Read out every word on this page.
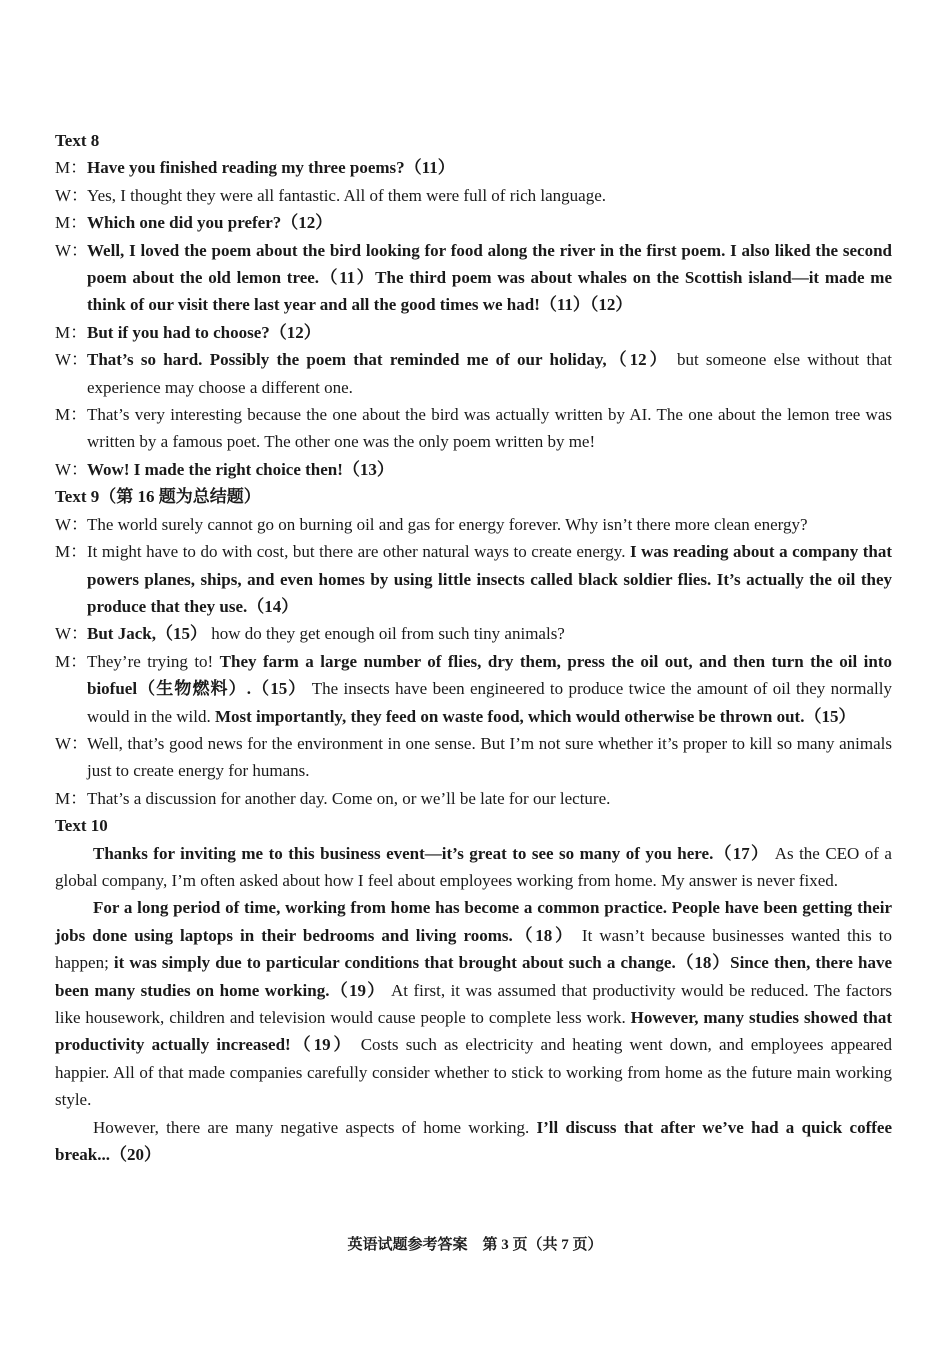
Text 8
M： Have you finished reading my three poems?（11）
W：
Yes, I thought they were all fantastic. All of them were full of rich language.
M： Which one did you prefer?（12）
W：
Well, I loved the poem about the bird looking for food along the river in the first poem. I also liked the second poem about the old lemon tree.（11）The third poem was about whales on the Scottish island—it made me think of our visit there last year and all the good times we had!（11）（12）
M： But if you had to choose?（12）
W：
That’s so hard. Possibly the poem that reminded me of our holiday,（12） but someone else without that experience may choose a different one.
M： That’s very interesting because the one about the bird was actually written by AI. The one about the lemon tree was written by a famous poet. The other one was the only poem written by me!
W：
Wow! I made the right choice then!（13）
Text 9（第 16 题为总结题）
W：
The world surely cannot go on burning oil and gas for energy forever. Why isn’t there more clean energy?
M： It might have to do with cost, but there are other natural ways to create energy. I was reading about a company that powers planes, ships, and even homes by using little insects called black soldier flies. It’s actually the oil they produce that they use.（14）
W：
But Jack,（15） how do they get enough oil from such tiny animals?
M： They’re trying to! They farm a large number of flies, dry them, press the oil out, and then turn the oil into biofuel（生物燃料）.（15） The insects have been engineered to produce twice the amount of oil they normally would in the wild. Most importantly, they feed on waste food, which would otherwise be thrown out.（15）
W：
Well, that’s good news for the environment in one sense. But I’m not sure whether it’s proper to kill so many animals just to create energy for humans.
M： That’s a discussion for another day. Come on, or we’ll be late for our lecture.
Text 10
Thanks for inviting me to this business event—it’s great to see so many of you here.（17） As the CEO of a global company, I’m often asked about how I feel about employees working from home. My answer is never fixed.
For a long period of time, working from home has become a common practice. People have been getting their jobs done using laptops in their bedrooms and living rooms.（18） It wasn’t because businesses wanted this to happen; it was simply due to particular conditions that brought about such a change.（18）Since then, there have been many studies on home working.（19） At first, it was assumed that productivity would be reduced. The factors like housework, children and television would cause people to complete less work. However, many studies showed that productivity actually increased!（19） Costs such as electricity and heating went down, and employees appeared happier. All of that made companies carefully consider whether to stick to working from home as the future main working style.
However, there are many negative aspects of home working. I’ll discuss that after we’ve had a quick coffee break...（20）
英语试题参考答案　第 3 页（共 7 页）
